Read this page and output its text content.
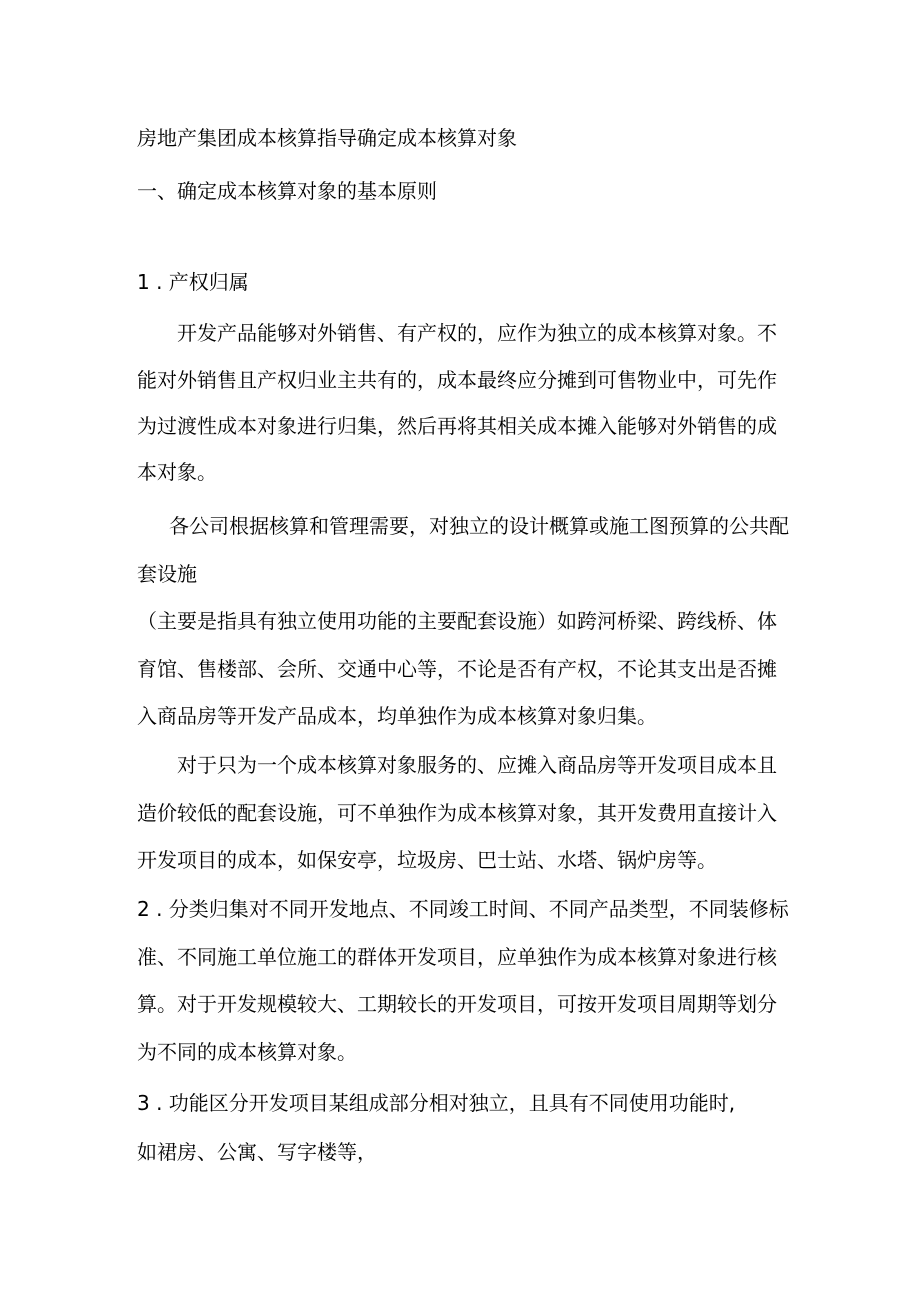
房地产集团成本核算指导确定成本核算对象
一、确定成本核算对象的基本原则
1 . 产权归属
开发产品能够对外销售、有产权的，应作为独立的成本核算对象。不
能对外销售且产权归业主共有的，成本最终应分摊到可售物业中，可先作
为过渡性成本对象进行归集，然后再将其相关成本摊入能够对外销售的成
本对象。
各公司根据核算和管理需要，对独立的设计概算或施工图预算的公共配
套设施
（主要是指具有独立使用功能的主要配套设施）如跨河桥梁、跨线桥、体
育馆、售楼部、会所、交通中心等，不论是否有产权，不论其支出是否摊
入商品房等开发产品成本，均单独作为成本核算对象归集。
对于只为一个成本核算对象服务的、应摊入商品房等开发项目成本且
造价较低的配套设施，可不单独作为成本核算对象，其开发费用直接计入
开发项目的成本，如保安亭，垃圾房、巴士站、水塔、锅炉房等。
2 . 分类归集对不同开发地点、不同竣工时间、不同产品类型，不同装修标
准、不同施工单位施工的群体开发项目，应单独作为成本核算对象进行核
算。对于开发规模较大、工期较长的开发项目，可按开发项目周期等划分
为不同的成本核算对象。
3 . 功能区分开发项目某组成部分相对独立，且具有不同使用功能时,
如裙房、公寓、写字楼等，
